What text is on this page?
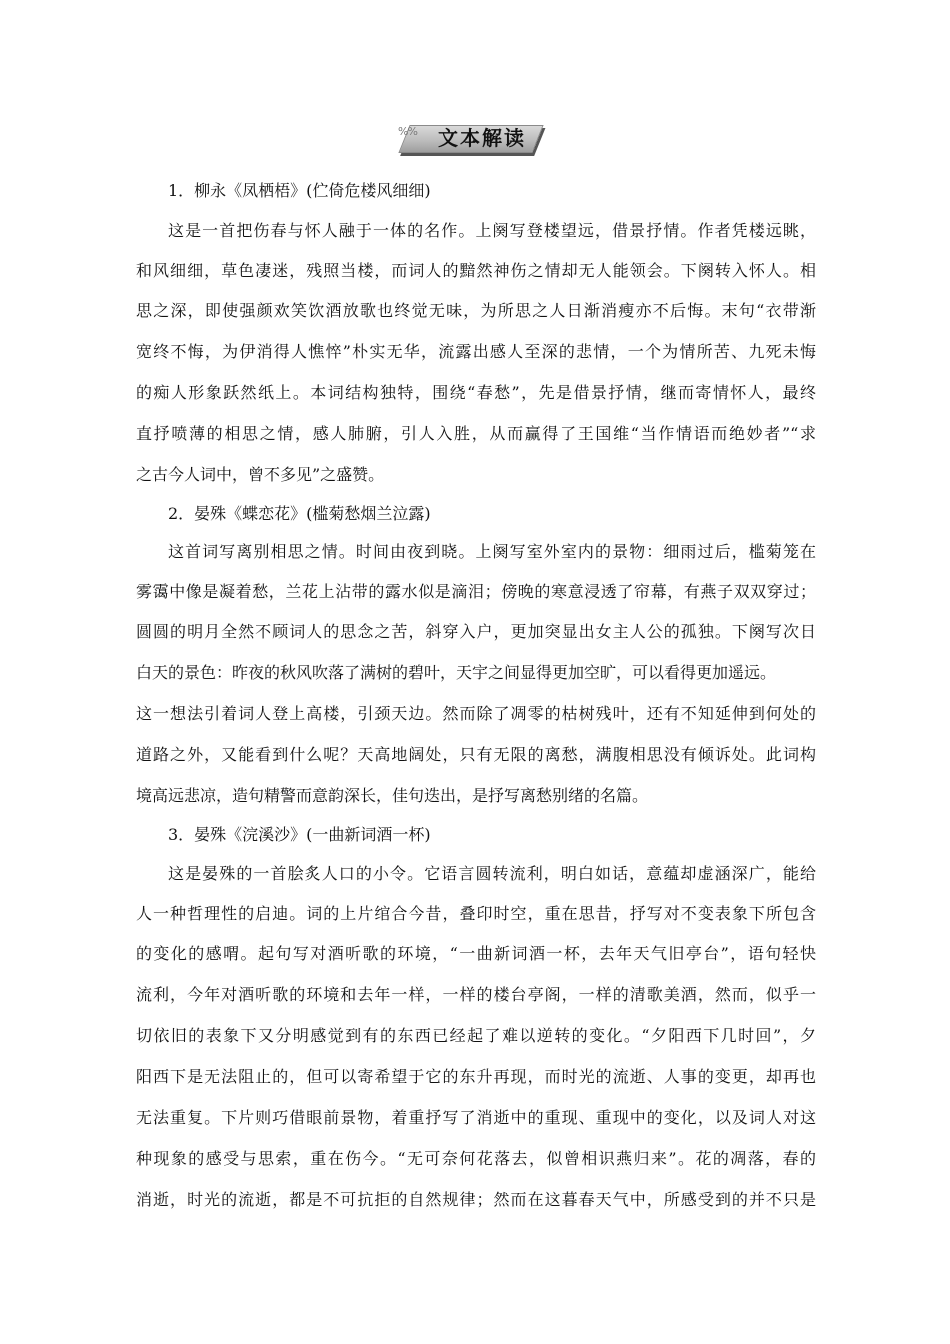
%%	文本解读
1．柳永《凤栖梧》(伫倚危楼风细细)
这是一首把伤春与怀人融于一体的名作。上阕写登楼望远，借景抒情。作者凭楼远眺，
和风细细，草色凄迷，残照当楼，而词人的黯然神伤之情却无人能领会。下阕转入怀人。相
思之深，即使强颜欢笑饮酒放歌也终觉无味，为所思之人日渐消瘦亦不后悔。末句“衣带渐
宽终不悔，为伊消得人憔悴”朴实无华，流露出感人至深的悲情，一个为情所苦、九死未悔
的痴人形象跃然纸上。本词结构独特，围绕“春愁”，先是借景抒情，继而寄情怀人，最终
直抒喷薄的相思之情，感人肺腑，引人入胜，从而赢得了王国维“当作情语而绝妙者”“求
之古今人词中，曾不多见”之盛赞。
2．晏殊《蝶恋花》(槛菊愁烟兰泣露)
这首词写离别相思之情。时间由夜到晓。上阕写室外室内的景物：细雨过后，槛菊笼在
雾霭中像是凝着愁，兰花上沾带的露水似是滴泪；傍晚的寒意浸透了帘幕，有燕子双双穿过；
圆圆的明月全然不顾词人的思念之苦，斜穿入户，更加突显出女主人公的孤独。下阕写次日
白天的景色：昨夜的秋风吹落了满树的碧叶，天宇之间显得更加空旷，可以看得更加遥远。
这一想法引着词人登上高楼，引颈天边。然而除了凋零的枯树残叶，还有不知延伸到何处的
道路之外，又能看到什么呢？天高地阔处，只有无限的离愁，满腹相思没有倾诉处。此词构
境高远悲凉，造句精警而意韵深长，佳句迭出，是抒写离愁别绪的名篇。
3．晏殊《浣溪沙》(一曲新词酒一杯)
这是晏殊的一首脍炙人口的小令。它语言圆转流利，明白如话，意蕴却虚涵深广，能给
人一种哲理性的启迪。词的上片绾合今昔，叠印时空，重在思昔，抒写对不变表象下所包含
的变化的感喟。起句写对酒听歌的环境，“一曲新词酒一杯，去年天气旧亭台”，语句轻快
流利，今年对酒听歌的环境和去年一样，一样的楼台亭阁，一样的清歌美酒，然而，似乎一
切依旧的表象下又分明感觉到有的东西已经起了难以逆转的变化。“夕阳西下几时回”，夕
阳西下是无法阻止的，但可以寄希望于它的东升再现，而时光的流逝、人事的变更，却再也
无法重复。下片则巧借眼前景物，着重抒写了消逝中的重现、重现中的变化，以及词人对这
种现象的感受与思索，重在伤今。“无可奈何花落去，似曾相识燕归来”。花的凋落，春的
消逝，时光的流逝，都是不可抗拒的自然规律；然而在这暮春天气中，所感受到的并不只是
